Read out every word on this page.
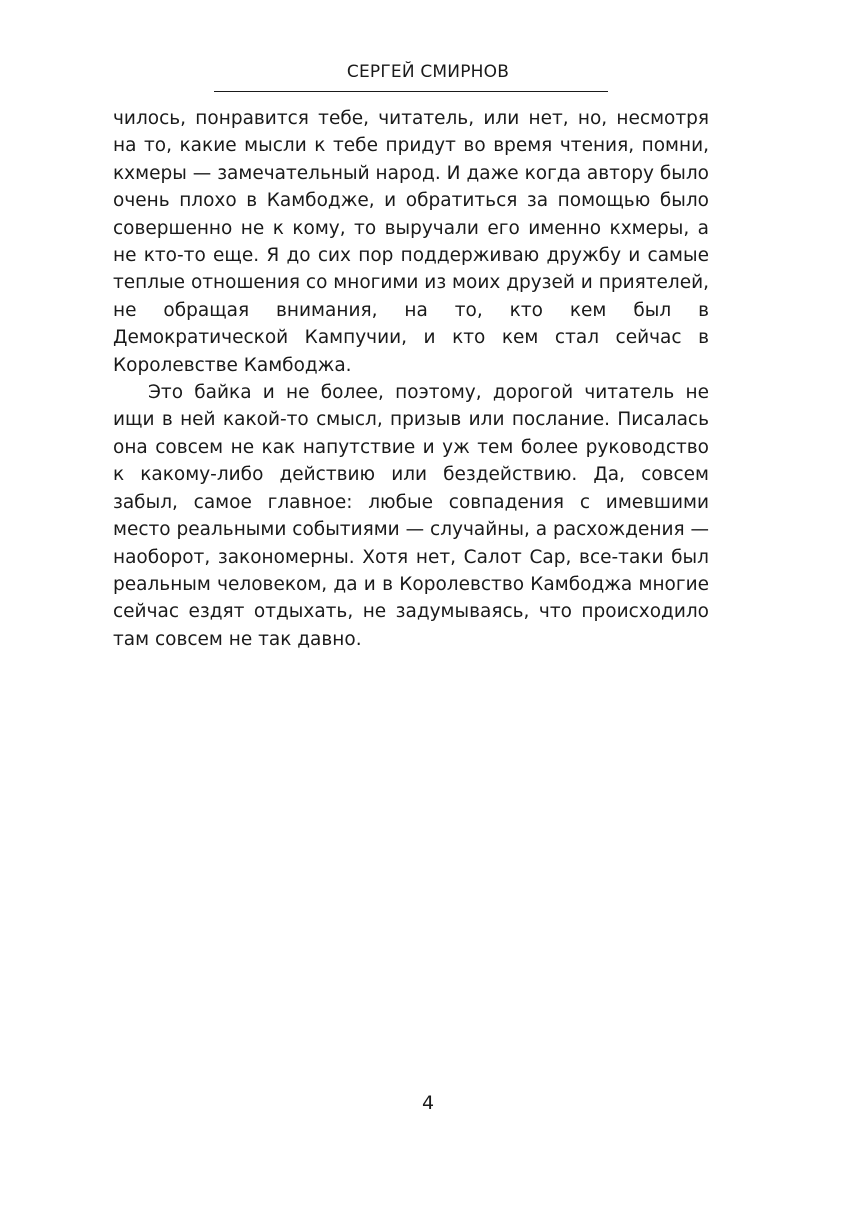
СЕРГЕЙ СМИРНОВ

чилось, понравится тебе, читатель, или нет, но, несмотря на то, какие мысли к тебе придут во время чтения, помни, кхмеры — замечательный народ. И даже когда автору было очень плохо в Камбодже, и обратиться за помощью было совершенно не к кому, то выручали его именно кхмеры, а не кто-то еще. Я до сих пор поддерживаю дружбу и самые теплые отношения со многими из моих друзей и приятелей, не обращая внимания, на то, кто кем был в Демократической Кампучии, и кто кем стал сейчас в Королевстве Камбоджа.

Это байка и не более, поэтому, дорогой читатель не ищи в ней какой-то смысл, призыв или послание. Писалась она совсем не как напутствие и уж тем более руководство к какому-либо действию или бездействию. Да, совсем забыл, самое главное: любые совпадения с имевшими место реальными событиями — случайны, а расхождения — наоборот, закономерны. Хотя нет, Салот Сар, все-таки был реальным человеком, да и в Королевство Камбоджа многие сейчас ездят отдыхать, не задумываясь, что происходило там совсем не так давно.

4
